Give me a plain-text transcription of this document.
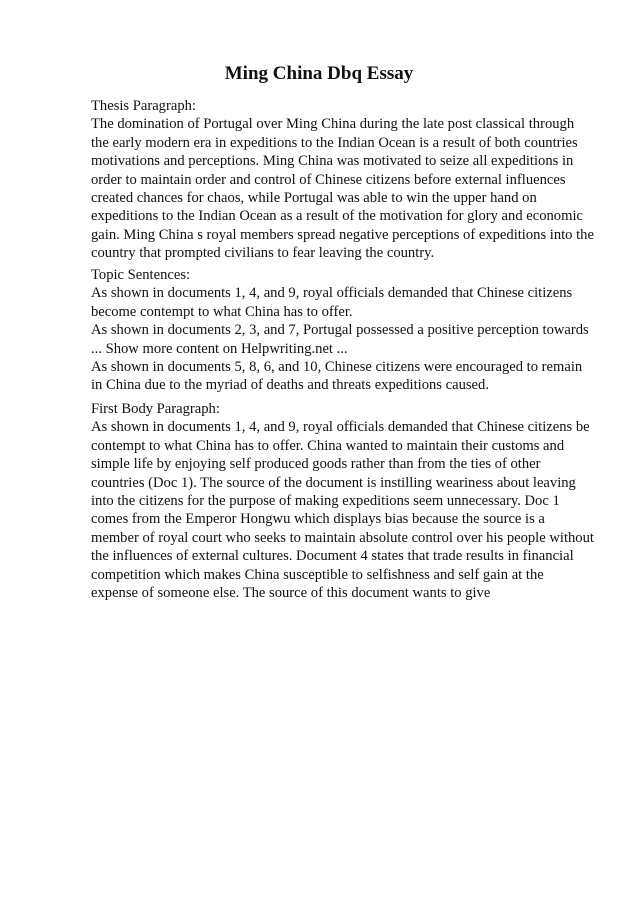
Ming China Dbq Essay
Thesis Paragraph:
The domination of Portugal over Ming China during the late post classical through
the early modern era in expeditions to the Indian Ocean is a result of both countries
motivations and perceptions. Ming China was motivated to seize all expeditions in
order to maintain order and control of Chinese citizens before external influences
created chances for chaos, while Portugal was able to win the upper hand on
expeditions to the Indian Ocean as a result of the motivation for glory and economic
gain. Ming China s royal members spread negative perceptions of expeditions into the
country that prompted civilians to fear leaving the country.
Topic Sentences:
As shown in documents 1, 4, and 9, royal officials demanded that Chinese citizens
become contempt to what China has to offer.
As shown in documents 2, 3, and 7, Portugal possessed a positive perception towards
... Show more content on Helpwriting.net ...
As shown in documents 5, 8, 6, and 10, Chinese citizens were encouraged to remain
in China due to the myriad of deaths and threats expeditions caused.
First Body Paragraph:
As shown in documents 1, 4, and 9, royal officials demanded that Chinese citizens be
contempt to what China has to offer. China wanted to maintain their customs and
simple life by enjoying self produced goods rather than from the ties of other
countries (Doc 1). The source of the document is instilling weariness about leaving
into the citizens for the purpose of making expeditions seem unnecessary. Doc 1
comes from the Emperor Hongwu which displays bias because the source is a
member of royal court who seeks to maintain absolute control over his people without
the influences of external cultures. Document 4 states that trade results in financial
competition which makes China susceptible to selfishness and self gain at the
expense of someone else. The source of this document wants to give
